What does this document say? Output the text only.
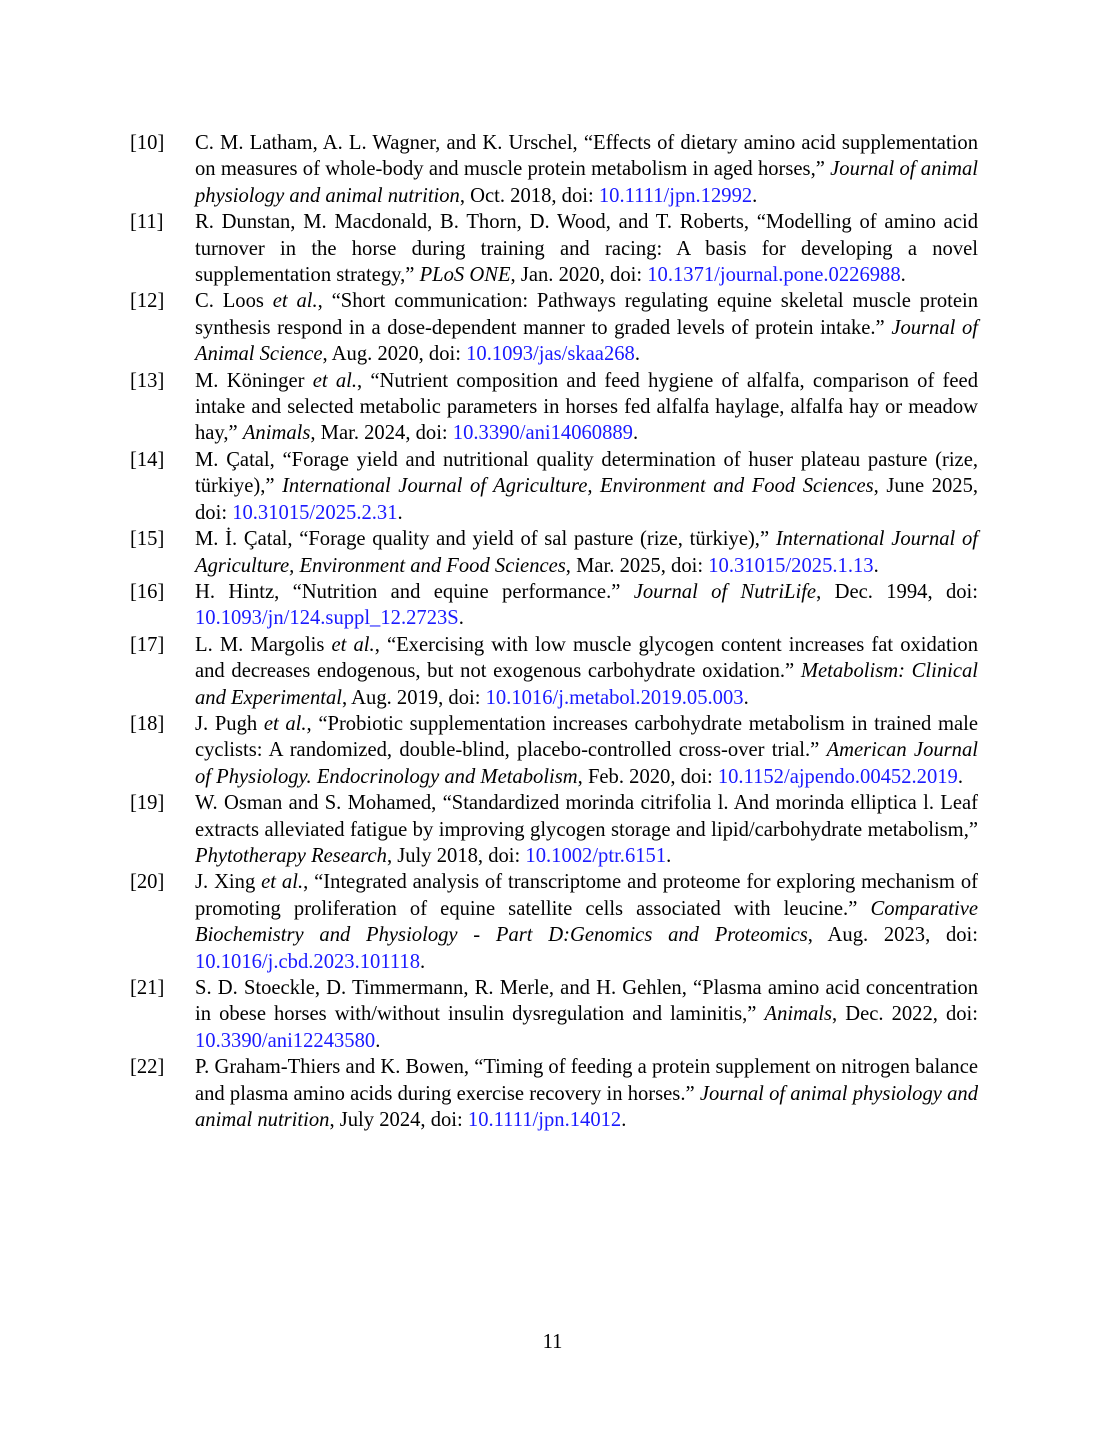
[10]	C. M. Latham, A. L. Wagner, and K. Urschel, “Effects of dietary amino acid supplementation on measures of whole-body and muscle protein metabolism in aged horses,” Journal of animal physiology and animal nutrition, Oct. 2018, doi: 10.1111/jpn.12992.
[11]	R. Dunstan, M. Macdonald, B. Thorn, D. Wood, and T. Roberts, “Modelling of amino acid turnover in the horse during training and racing: A basis for developing a novel supplementation strategy,” PLoS ONE, Jan. 2020, doi: 10.1371/journal.pone.0226988.
[12]	C. Loos et al., “Short communication: Pathways regulating equine skeletal muscle protein synthesis respond in a dose-dependent manner to graded levels of protein intake.” Journal of Animal Science, Aug. 2020, doi: 10.1093/jas/skaa268.
[13]	M. Köninger et al., “Nutrient composition and feed hygiene of alfalfa, comparison of feed intake and selected metabolic parameters in horses fed alfalfa haylage, alfalfa hay or meadow hay,” Animals, Mar. 2024, doi: 10.3390/ani14060889.
[14]	M. Çatal, “Forage yield and nutritional quality determination of huser plateau pasture (rize, türkiye),” International Journal of Agriculture, Environment and Food Sciences, June 2025, doi: 10.31015/2025.2.31.
[15]	M. İ. Çatal, “Forage quality and yield of sal pasture (rize, türkiye),” International Journal of Agriculture, Environment and Food Sciences, Mar. 2025, doi: 10.31015/2025.1.13.
[16]	H. Hintz, “Nutrition and equine performance.” Journal of NutriLife, Dec. 1994, doi: 10.1093/jn/124.suppl_12.2723S.
[17]	L. M. Margolis et al., “Exercising with low muscle glycogen content increases fat oxidation and decreases endogenous, but not exogenous carbohydrate oxidation.” Metabolism: Clinical and Experimental, Aug. 2019, doi: 10.1016/j.metabol.2019.05.003.
[18]	J. Pugh et al., “Probiotic supplementation increases carbohydrate metabolism in trained male cyclists: A randomized, double-blind, placebo-controlled cross-over trial.” American Journal of Physiology. Endocrinology and Metabolism, Feb. 2020, doi: 10.1152/ajpendo.00452.2019.
[19]	W. Osman and S. Mohamed, “Standardized morinda citrifolia l. And morinda elliptica l. Leaf extracts alleviated fatigue by improving glycogen storage and lipid/carbohydrate metabolism,” Phytotherapy Research, July 2018, doi: 10.1002/ptr.6151.
[20]	J. Xing et al., “Integrated analysis of transcriptome and proteome for exploring mechanism of promoting proliferation of equine satellite cells associated with leucine.” Comparative Biochemistry and Physiology - Part D:Genomics and Proteomics, Aug. 2023, doi: 10.1016/j.cbd.2023.101118.
[21]	S. D. Stoeckle, D. Timmermann, R. Merle, and H. Gehlen, “Plasma amino acid concentration in obese horses with/without insulin dysregulation and laminitis,” Animals, Dec. 2022, doi: 10.3390/ani12243580.
[22]	P. Graham-Thiers and K. Bowen, “Timing of feeding a protein supplement on nitrogen balance and plasma amino acids during exercise recovery in horses.” Journal of animal physiology and animal nutrition, July 2024, doi: 10.1111/jpn.14012.
11
